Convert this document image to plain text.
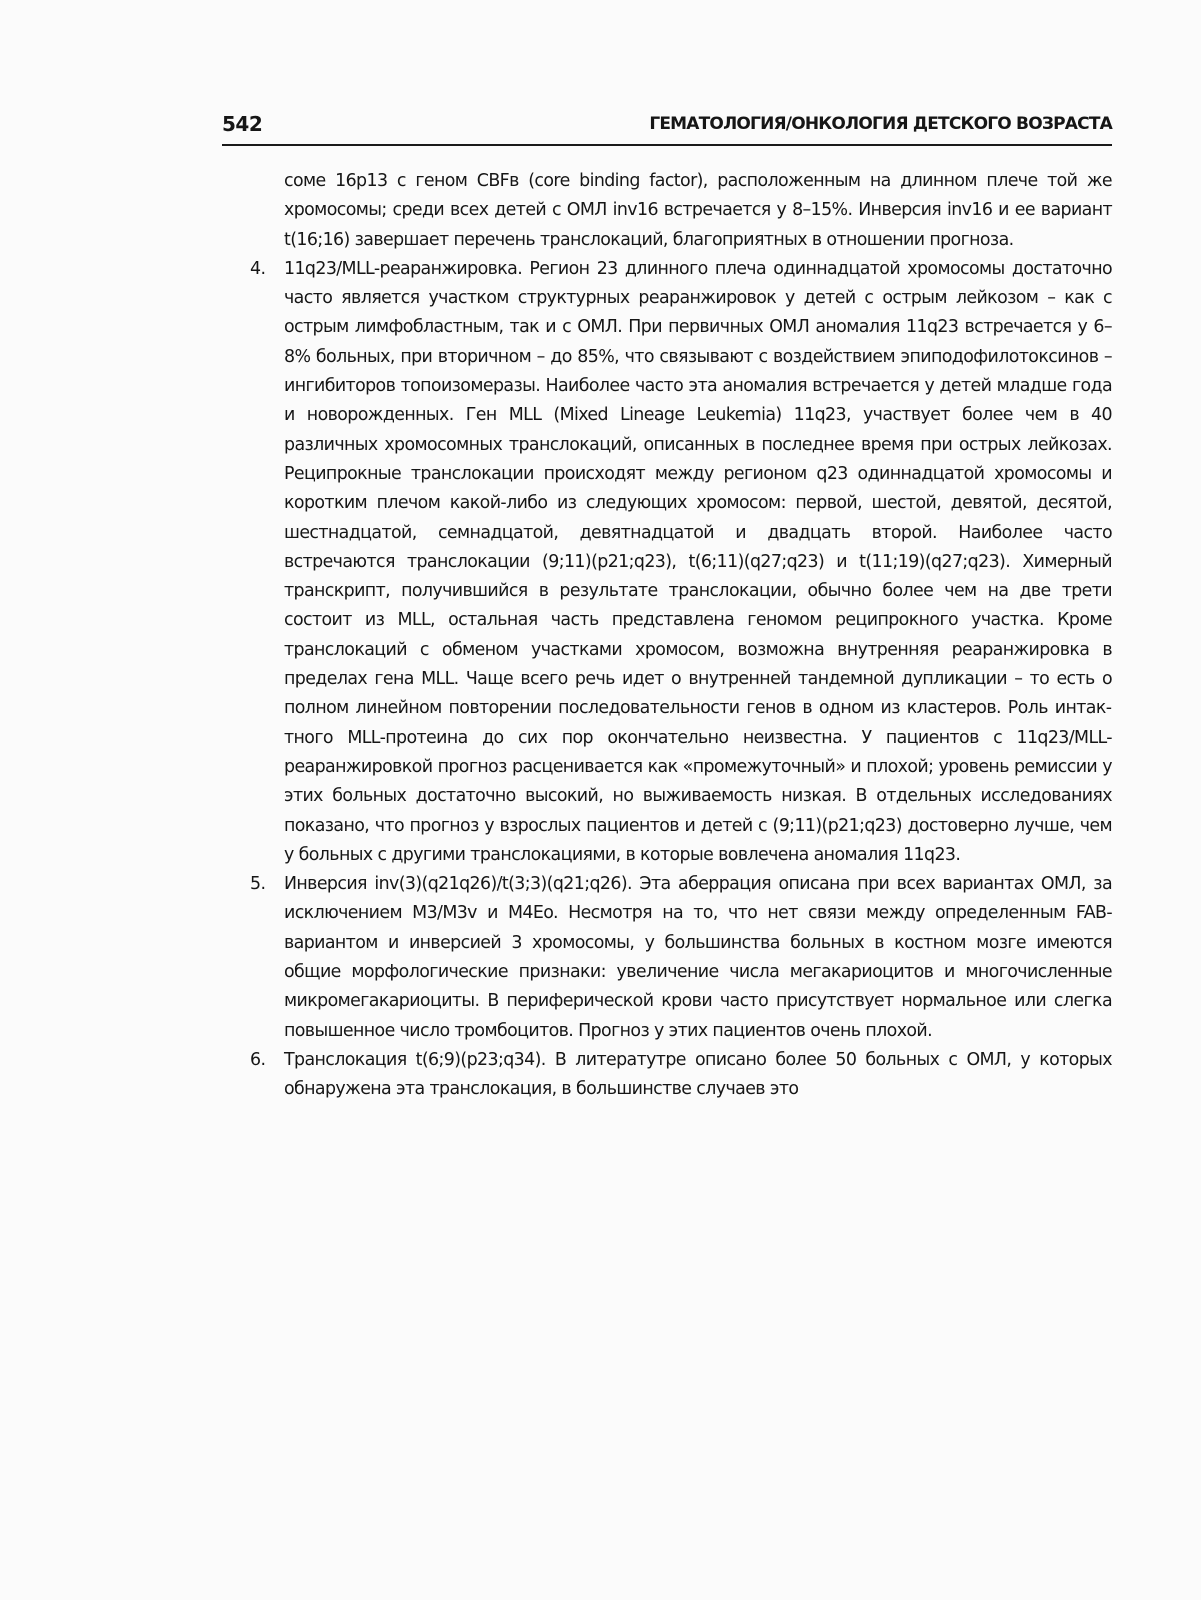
542	ГЕМАТОЛОГИЯ/ОНКОЛОГИЯ ДЕТСКОГО ВОЗРАСТА

соме 16p13 с геном CBFв (core binding factor), расположенным на длинном плече той же хромосомы; среди всех детей с ОМЛ inv16 встречается у 8–15%. Инверсия inv16 и ее вариант t(16;16) завершает перечень транслокаций, благоприятных в отношении прогноза.

4.	11q23/MLL-реаранжировка. Регион 23 длинного плеча одиннадцатой хромосомы достаточно часто является участком структурных реаранжировок у детей с острым лейкозом – как с острым лимфобластным, так и с ОМЛ. При первичных ОМЛ аномалия 11q23 встречается у 6–8% больных, при вторичном – до 85%, что связывают с воздействием эпиподофилотоксинов – ингибиторов топоизомеразы. Наиболее часто эта аномалия встречается у детей младше года и новорожденных. Ген MLL (Mixed Lineage Leukemia) 11q23, участвует более чем в 40 различных хромосомных транслокаций, описанных в последнее время при острых лейкозах. Реципрокные транслокации происходят между регионом q23 одиннадцатой хромосомы и коротким плечом какой-либо из следующих хромосом: первой, шестой, девятой, десятой, шестнадцатой, семнадцатой, девятнадцатой и двадцать второй. Наиболее часто встречаются транслокации (9;11)(p21;q23), t(6;11)(q27;q23) и t(11;19)(q27;q23). Химерный транскрипт, получившийся в результате транслокации, обычно более чем на две трети состоит из MLL, остальная часть представлена геномом реципрокного участка. Кроме транслокаций с обменом участками хромосом, возможна внутренняя реаранжировка в пределах гена MLL. Чаще всего речь идет о внутренней тандемной дупликации – то есть о полном линейном повторении последовательности генов в одном из кластеров. Роль интактного MLL-протеина до сих пор окончательно неизвестна. У пациентов с 11q23/MLL-реаранжировкой прогноз расценивается как «промежуточный» и плохой; уровень ремиссии у этих больных достаточно высокий, но выживаемость низкая. В отдельных исследованиях показано, что прогноз у взрослых пациентов и детей с (9;11)(p21;q23) достоверно лучше, чем у больных с другими транслокациями, в которые вовлечена аномалия 11q23.

5.	Инверсия inv(3)(q21q26)/t(3;3)(q21;q26). Эта аберрация описана при всех вариантах ОМЛ, за исключением M3/M3v и M4Eo. Несмотря на то, что нет связи между определенным FAB-вариантом и инверсией 3 хромосомы, у большинства больных в костном мозге имеются общие морфологические признаки: увеличение числа мегакариоцитов и многочисленные микромегакариоциты. В периферической крови часто присутствует нормальное или слегка повышенное число тромбоцитов. Прогноз у этих пациентов очень плохой.

6.	Транслокация t(6;9)(p23;q34). В литератутре описано более 50 больных с ОМЛ, у которых обнаружена эта транслокация, в большинстве случаев это
